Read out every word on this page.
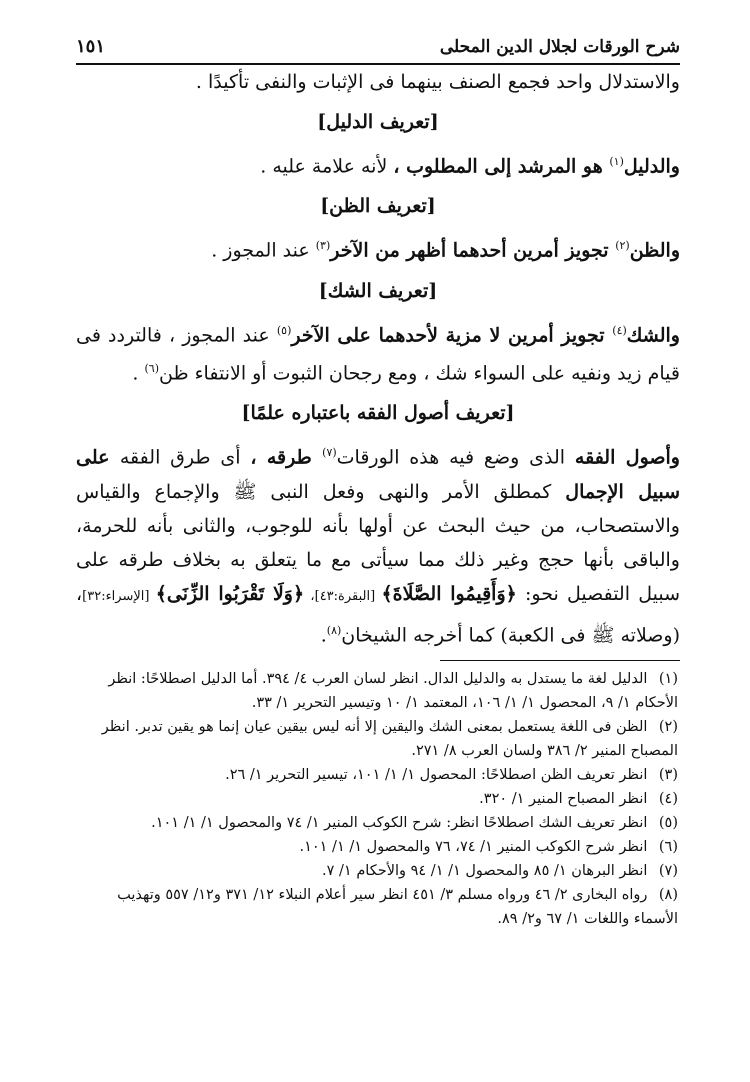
شرح الورقات لجلال الدين المحلى
١٥١

والاستدلال واحد فجمع الصنف بينهما فى الإثبات والنفى تأكيدًا .

[تعريف الدليل]

والدليل$^{(١)}$ هو المرشد إلى المطلوب ، لأنه علامة عليه .

[تعريف الظن]

والظن$^{(٢)}$ تجويز أمرين أحدهما أظهر من الآخر$^{(٣)}$ عند المجوز .

[تعريف الشك]

والشك$^{(٤)}$ تجويز أمرين لا مزية لأحدهما على الآخر$^{(٥)}$ عند المجوز ، فالتردد فى قيام زيد ونفيه على السواء شك ، ومع رجحان الثبوت أو الانتفاء ظن$^{(٦)}$ .

[تعريف أصول الفقه باعتباره علمًا]

وأصول الفقه الذى وضع فيه هذه الورقات$^{(٧)}$ طرقه ، أى طرق الفقه على سبيل الإجمال كمطلق الأمر والنهى وفعل النبى ﷺ والإجماع والقياس والاستصحاب، من حيث البحث عن أولها بأنه للوجوب، والثانى بأنه للحرمة، والباقى بأنها حجج وغير ذلك مما سيأتى مع ما يتعلق به بخلاف طرقه على سبيل التفصيل نحو: ﴿وَأَقِيمُوا الصَّلَاةَ﴾ [البقرة:٤٣]، ﴿وَلَا تَقْرَبُوا الزِّنَى﴾ [الإسراء:٣٢]، (وصلاته ﷺ فى الكعبة) كما أخرجه الشيخان$^{(٨)}$.

(١) الدليل لغة ما يستدل به والدليل الدال. انظر لسان العرب ٤/ ٣٩٤. أما الدليل اصطلاحًا: انظر الأحكام ١/ ٩، المحصول ١/ ١/ ١٠٦، المعتمد ١/ ١٠ وتيسير التحرير ١/ ٣٣.

(٢) الظن فى اللغة يستعمل بمعنى الشك واليقين إلا أنه ليس بيقين عيان إنما هو يقين تدبر. انظر المصباح المنير ٢/ ٣٨٦ ولسان العرب ٨/ ٢٧١.

(٣) انظر تعريف الظن اصطلاحًا: المحصول ١/ ١/ ١٠١، تيسير التحرير ١/ ٢٦.

(٤) انظر المصباح المنير ١/ ٣٢٠.

(٥) انظر تعريف الشك اصطلاحًا انظر: شرح الكوكب المنير ١/ ٧٤ والمحصول ١/ ١/ ١٠١.

(٦) انظر شرح الكوكب المنير ١/ ٧٤، ٧٦ والمحصول ١/ ١/ ١٠١.

(٧) انظر البرهان ١/ ٨٥ والمحصول ١/ ١/ ٩٤ والأحكام ١/ ٧.

(٨) رواه البخارى ٢/ ٤٦ ورواه مسلم ٣/ ٤٥١ انظر سير أعلام النبلاء ١٢/ ٣٧١ و١٢/ ٥٥٧ وتهذيب الأسماء واللغات ١/ ٦٧ و٢/ ٨٩.
